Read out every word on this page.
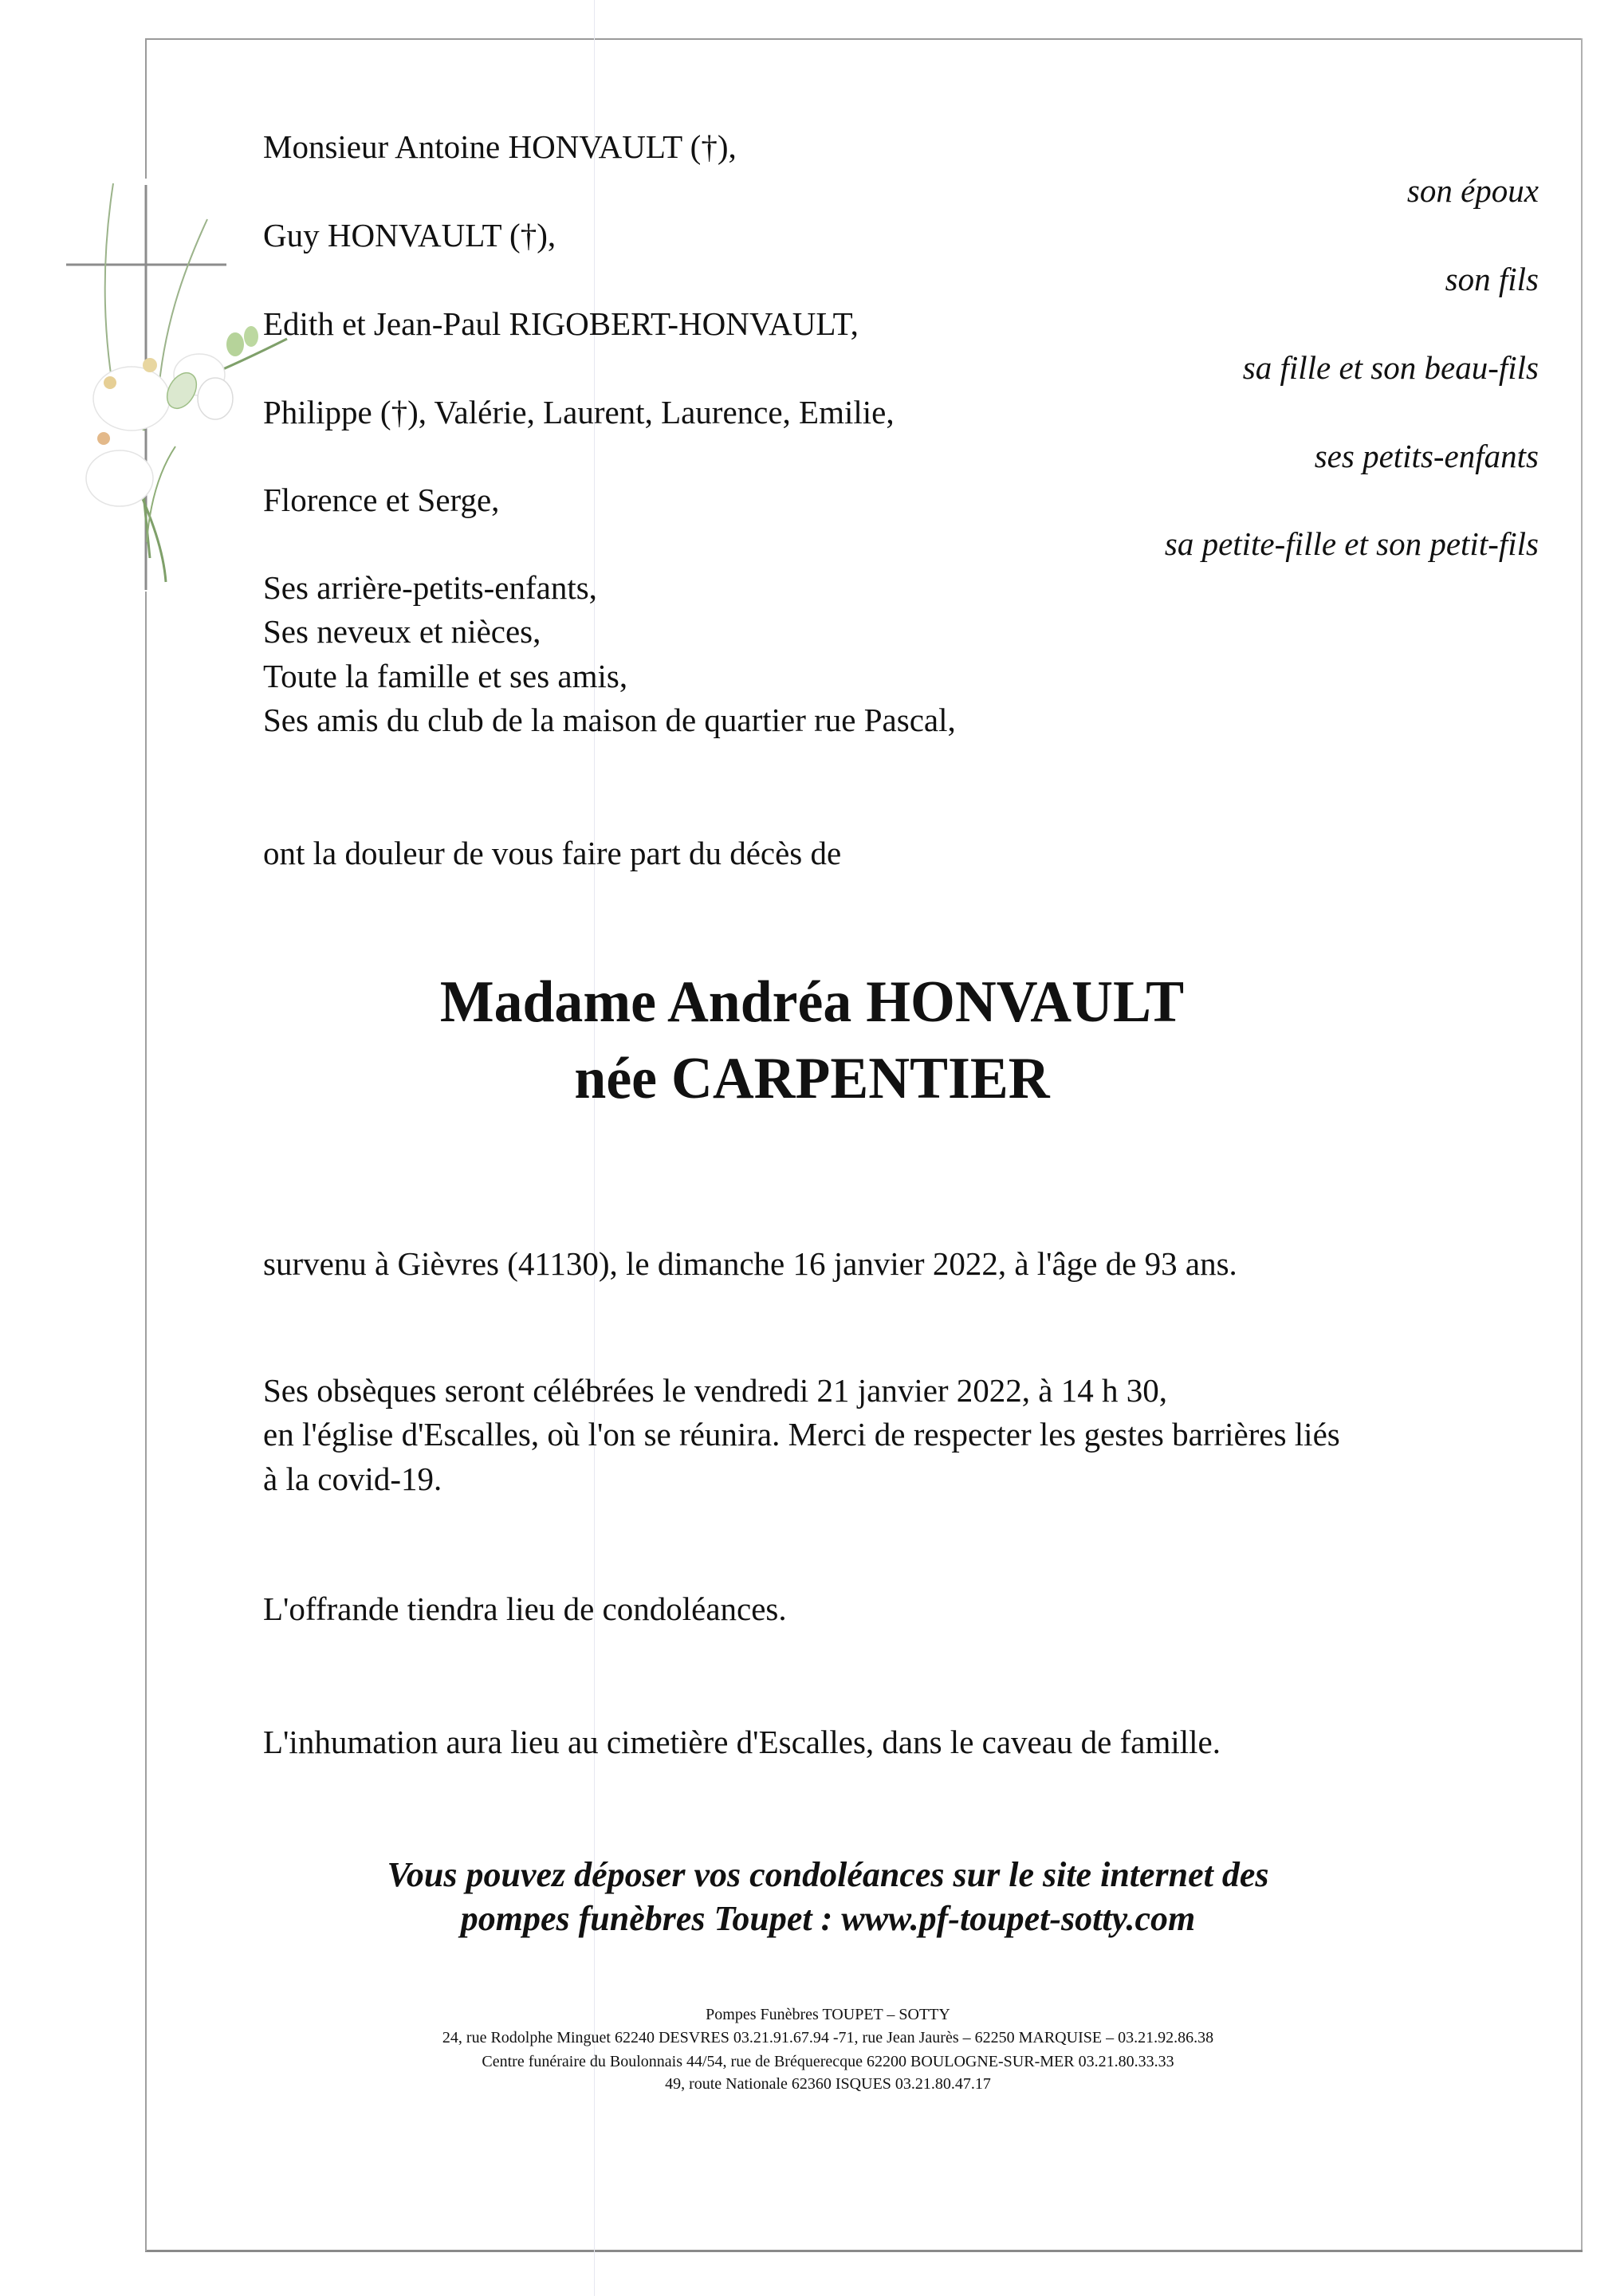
Monsieur Antoine HONVAULT (†),
Guy HONVAULT (†),
Edith et Jean-Paul RIGOBERT-HONVAULT,
Philippe (†), Valérie, Laurent, Laurence, Emilie,
Florence et Serge,
son époux
son fils
sa fille et son beau-fils
ses petits-enfants
sa petite-fille et son petit-fils
Ses arrière-petits-enfants,
Ses neveux et nièces,
Toute la famille et ses amis,
Ses amis du club de la maison de quartier rue Pascal,
ont la douleur de vous faire part du décès de
Madame Andréa HONVAULT
née CARPENTIER
survenu à Gièvres (41130), le dimanche 16 janvier 2022, à l'âge de 93 ans.
Ses obsèques seront célébrées le vendredi 21 janvier 2022, à 14 h 30,
en l'église d'Escalles, où l'on se réunira. Merci de respecter les gestes barrières liés
à la covid-19.
L'offrande tiendra lieu de condoléances.
L'inhumation aura lieu au cimetière d'Escalles, dans le caveau de famille.
Vous pouvez déposer vos condoléances sur le site internet des
pompes funèbres Toupet : www.pf-toupet-sotty.com
Pompes Funèbres TOUPET – SOTTY
24, rue Rodolphe Minguet 62240 DESVRES 03.21.91.67.94 -71, rue Jean Jaurès – 62250 MARQUISE – 03.21.92.86.38
Centre funéraire du Boulonnais 44/54, rue de Bréquerecque 62200 BOULOGNE-SUR-MER 03.21.80.33.33
49, route Nationale 62360 ISQUES 03.21.80.47.17
